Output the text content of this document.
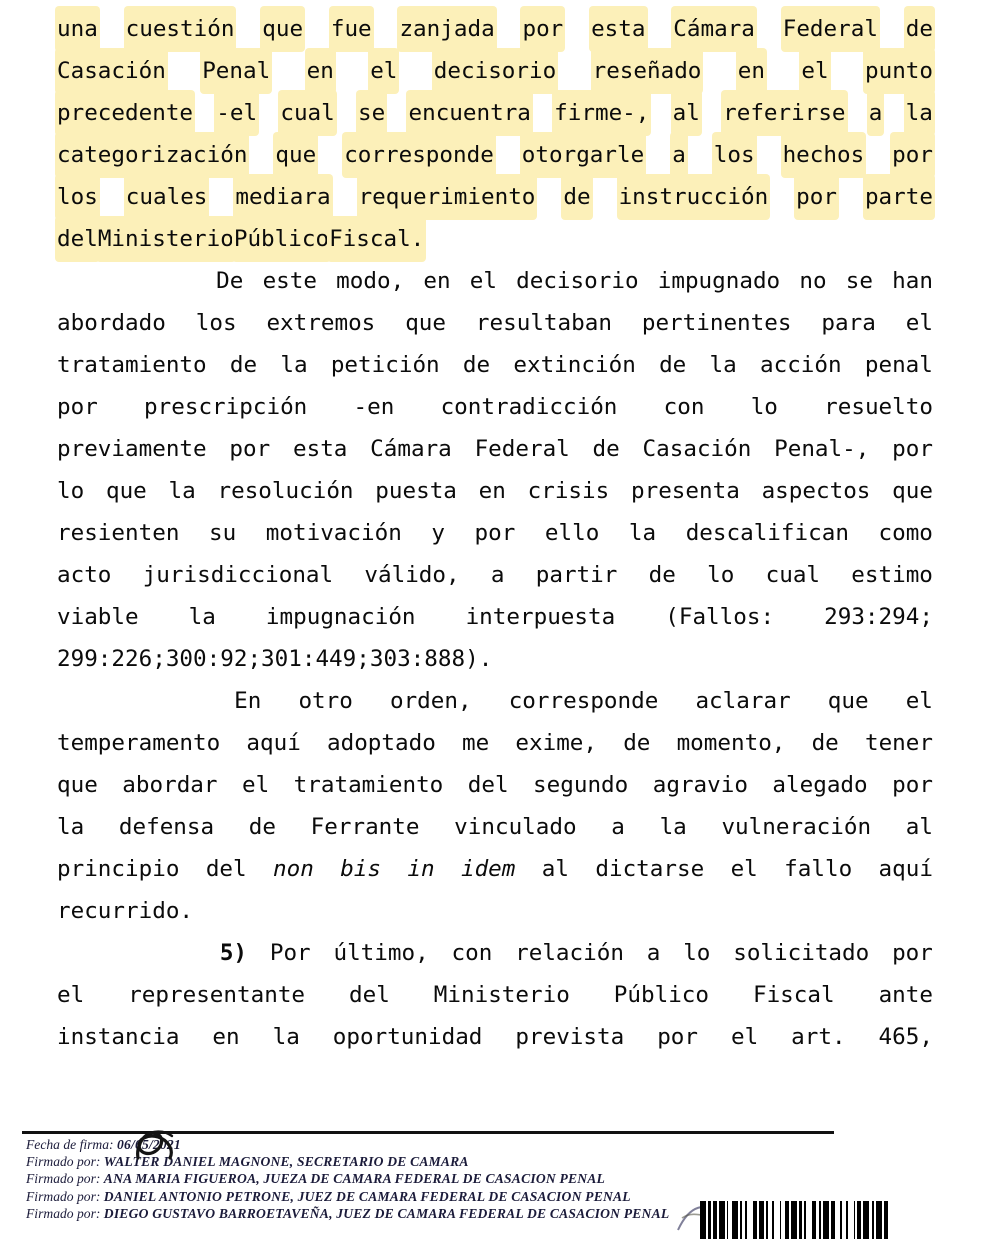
una cuestión que fue zanjada por esta Cámara Federal de
Casación Penal en el decisorio reseñado en el punto
precedente -el cual se encuentra firme-, al referirse a la
categorización que corresponde otorgarle a los hechos por
los cuales mediara requerimiento de instrucción por parte
del Ministerio Público Fiscal.
De este modo, en el decisorio impugnado no se han
abordado los extremos que resultaban pertinentes para el
tratamiento de la petición de extinción de la acción penal
por prescripción -en contradicción con lo resuelto
previamente por esta Cámara Federal de Casación Penal-, por
lo que la resolución puesta en crisis presenta aspectos que
resienten su motivación y por ello la descalifican como
acto jurisdiccional válido, a partir de lo cual estimo
viable la impugnación interpuesta (Fallos: 293:294;
299:226; 300:92; 301:449; 303:888).
En otro orden, corresponde aclarar que el
temperamento aquí adoptado me exime, de momento, de tener
que abordar el tratamiento del segundo agravio alegado por
la defensa de Ferrante vinculado a la vulneración al
principio del non bis in idem al dictarse el fallo aquí
recurrido.
5) Por último, con relación a lo solicitado por
el representante del Ministerio Público Fiscal ante
instancia en la oportunidad prevista por el art. 465,
Fecha de firma: 06/05/2021
Firmado por: WALTER DANIEL MAGNONE, SECRETARIO DE CAMARA
Firmado por: ANA MARIA FIGUEROA, JUEZA DE CAMARA FEDERAL DE CASACION PENAL
Firmado por: DANIEL ANTONIO PETRONE, JUEZ DE CAMARA FEDERAL DE CASACION PENAL
Firmado por: DIEGO GUSTAVO BARROETAVEÑA, JUEZ DE CAMARA FEDERAL DE CASACION PENAL
